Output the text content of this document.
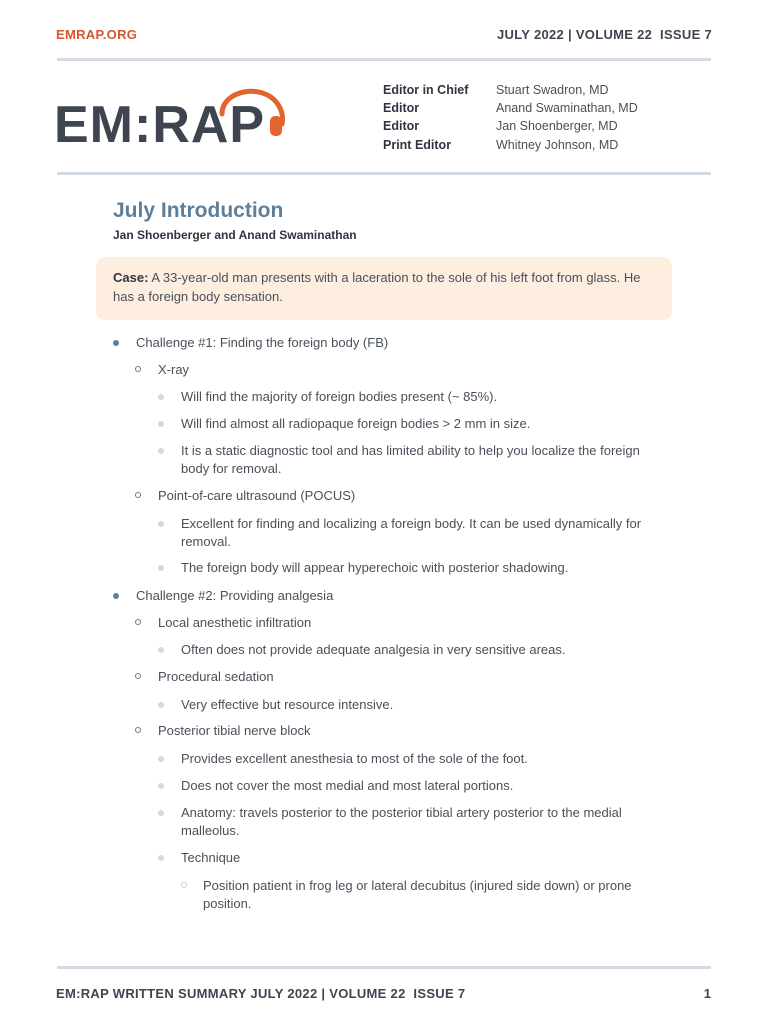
EMRAP.ORG	JULY 2022 | VOLUME 22  ISSUE 7
EM:RAP
Editor in Chief	Stuart Swadron, MD
Editor	Anand Swaminathan, MD
Editor	Jan Shoenberger, MD
Print Editor	Whitney Johnson, MD
July Introduction
Jan Shoenberger and Anand Swaminathan
Case: A 33-year-old man presents with a laceration to the sole of his left foot from glass. He has a foreign body sensation.
Challenge #1: Finding the foreign body (FB)
X-ray
Will find the majority of foreign bodies present (~ 85%).
Will find almost all radiopaque foreign bodies > 2 mm in size.
It is a static diagnostic tool and has limited ability to help you localize the foreign body for removal.
Point-of-care ultrasound (POCUS)
Excellent for finding and localizing a foreign body. It can be used dynamically for removal.
The foreign body will appear hyperechoic with posterior shadowing.
Challenge #2: Providing analgesia
Local anesthetic infiltration
Often does not provide adequate analgesia in very sensitive areas.
Procedural sedation
Very effective but resource intensive.
Posterior tibial nerve block
Provides excellent anesthesia to most of the sole of the foot.
Does not cover the most medial and most lateral portions.
Anatomy: travels posterior to the posterior tibial artery posterior to the medial malleolus.
Technique
Position patient in frog leg or lateral decubitus (injured side down) or prone position.
EM:RAP WRITTEN SUMMARY JULY 2022 | VOLUME 22  ISSUE 7	1
